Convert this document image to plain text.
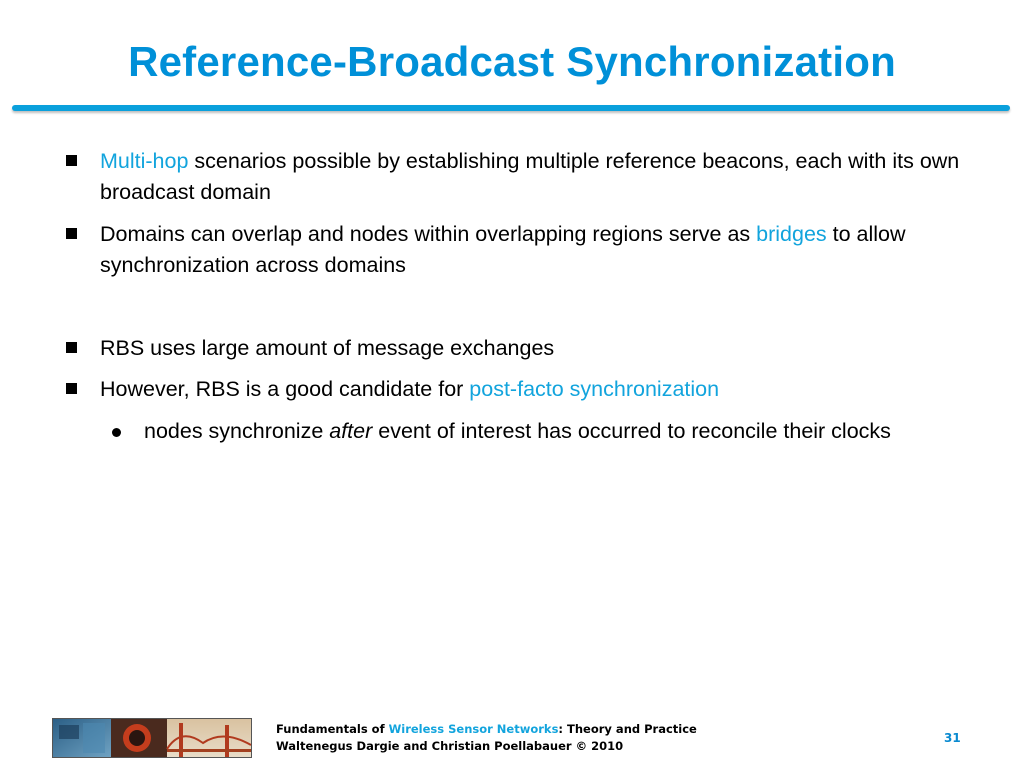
Reference-Broadcast Synchronization
Multi-hop scenarios possible by establishing multiple reference beacons, each with its own broadcast domain
Domains can overlap and nodes within overlapping regions serve as bridges to allow synchronization across domains
RBS uses large amount of message exchanges
However, RBS is a good candidate for post-facto synchronization
nodes synchronize after event of interest has occurred to reconcile their clocks
Fundamentals of Wireless Sensor Networks: Theory and Practice
Waltenegus Dargie and Christian Poellabauer © 2010
31
